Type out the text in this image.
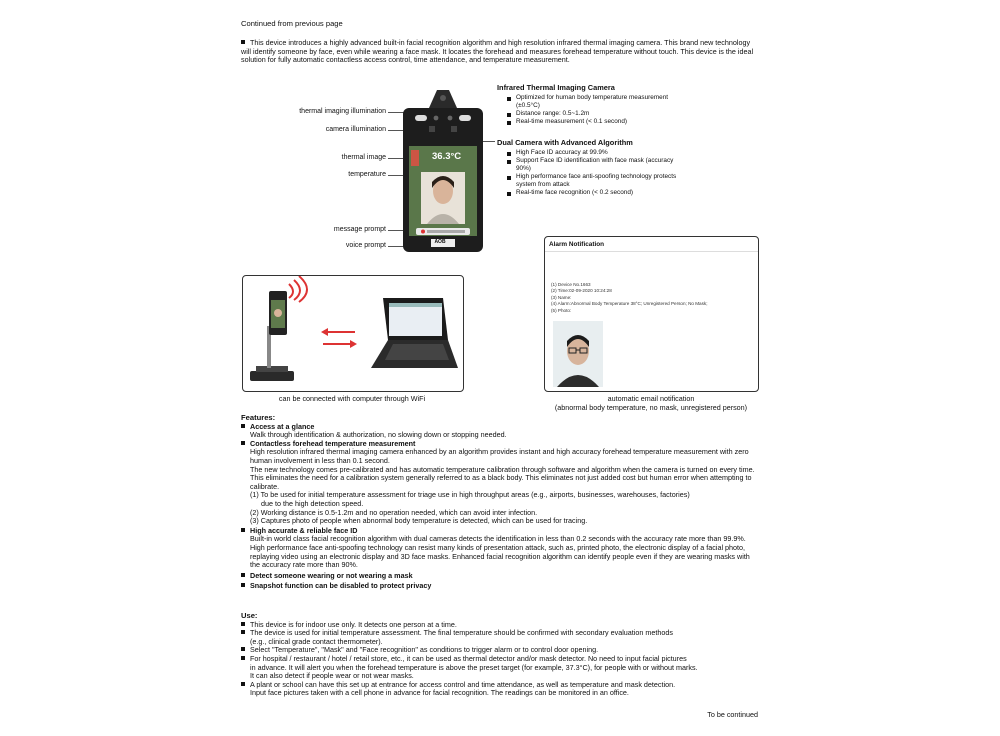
Continued from previous page
This device introduces a highly advanced built-in facial recognition algorithm and high resolution infrared thermal imaging camera. This brand new technology will identify someone by face, even while wearing a face mask. It locates the forehead and measures forehead temperature without touch. This device is the ideal solution for fully automatic contactless access control, time attendance, and temperature measurement.
thermal imaging illumination
camera illumination
thermal image
temperature
message prompt
voice prompt
36.3°C
AOB
Infrared Thermal Imaging Camera
Optimized for human body temperature measurement (±0.5°C)
Distance range: 0.5~1.2m
Real-time measurement (< 0.1 second)
Dual Camera with Advanced Algorithm
High Face ID accuracy at 99.9%
Support Face ID identification with face mask (accuracy 90%)
High performance face anti-spoofing technology protects system from attack
Real-time face recognition (< 0.2 second)
can be connected with computer through WiFi
Alarm Notification
(1) Device No.1663
(2) Time:02-09-2020 10:24:28
(3) Name:
(4) Alarm:Abnormal Body Temperature 38°C; Unregistered Person; No Mask;
(5) Photo:
automatic email notification
(abnormal body temperature, no mask, unregistered person)
Features:
Access at a glance
Walk through identification & authorization, no slowing down or stopping needed.
Contactless forehead temperature measurement
High resolution infrared thermal imaging camera enhanced by an algorithm provides instant and high accuracy forehead temperature measurement with zero human involvement in less than 0.1 second.
The new technology comes pre-calibrated and has automatic temperature calibration through software and algorithm when the camera is turned on every time. This eliminates the need for a calibration system generally referred to as a black body. This eliminates not just added cost but human error when attempting to calibrate.
(1) To be used for initial temperature assessment for triage use in high throughput areas (e.g., airports, businesses, warehouses, factories)
due to the high detection speed.
(2) Working distance is 0.5-1.2m and no operation needed, which can avoid inter infection.
(3) Captures photo of people when abnormal body temperature is detected, which can be used for tracing.
High accurate & reliable face ID
Built-in world class facial recognition algorithm with dual cameras detects the identification in less than 0.2 seconds with the accuracy rate more than 99.9%. High performance face anti-spoofing technology can resist many kinds of presentation attack, such as, printed photo, the electronic display of a facial photo, replaying video using an electronic display and 3D face masks. Enhanced facial recognition algorithm can identify people even if they are wearing masks with the accuracy rate more than 90%.
Detect someone wearing or not wearing a mask
Snapshot function can be disabled to protect privacy
Use:
This device is for indoor use only. It detects one person at a time.
The device is used for initial temperature assessment. The final temperature should be confirmed with secondary evaluation methods
(e.g., clinical grade contact thermometer).
Select "Temperature", "Mask" and "Face recognition" as conditions to trigger alarm or to control door opening.
For hospital / restaurant / hotel / retail store, etc., it can be used as thermal detector and/or mask detector. No need to input facial pictures
in advance. It will alert you when the forehead temperature is above the preset target (for example, 37.3°C), for people with or without marks.
It can also detect if people wear or not wear masks.
A plant or school can have this set up at entrance for access control and time attendance, as well as temperature and mask detection.
Input face pictures taken with a cell phone in advance for facial recognition. The readings can be monitored in an office.
To be continued
